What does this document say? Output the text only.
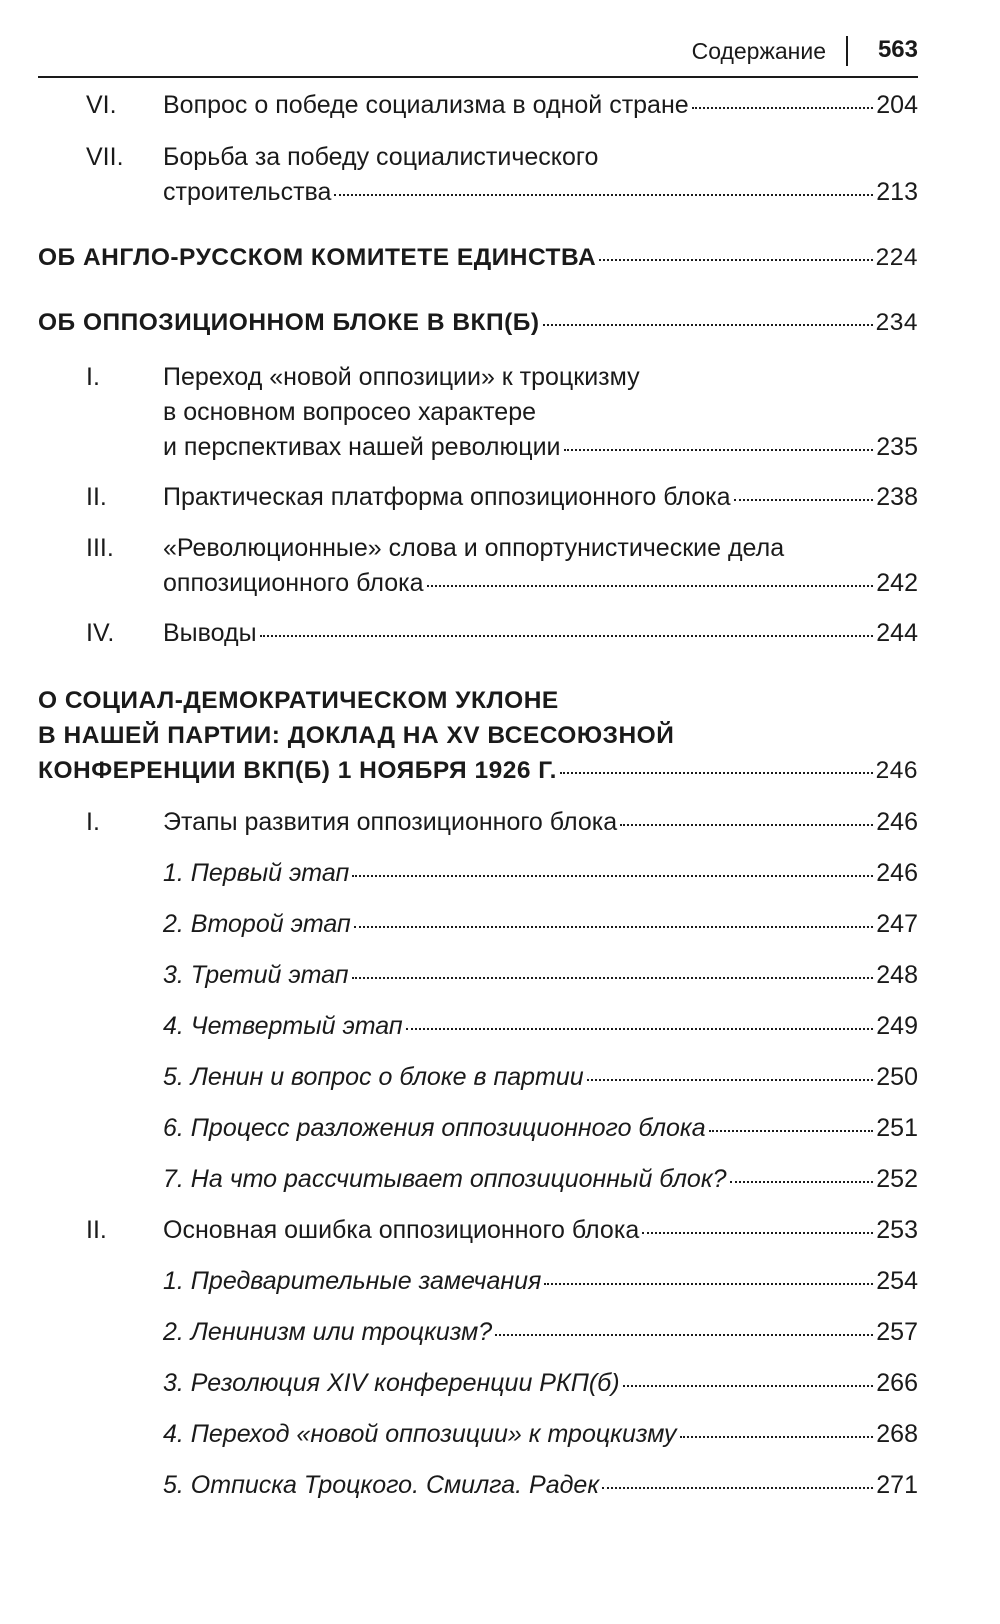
Содержание 563
VI. Вопрос о победе социализма в одной стране	204
VII. Борьба за победу социалистического
строительства	213
ОБ АНГЛО-РУССКОМ КОМИТЕТЕ ЕДИНСТВА	224
ОБ ОППОЗИЦИОННОМ БЛОКЕ В ВКП(Б)	234
I.	Переход «новой оппозиции» к троцкизму
в основном вопросео характере
и перспективах нашей революции	235
II. Практическая платформа оппозиционного блока	238
III. «Революционные» слова и оппортунистические дела
оппозиционного блока	242
IV. Выводы	244
О СОЦИАЛ-ДЕМОКРАТИЧЕСКОМ УКЛОНЕ
В НАШЕЙ ПАРТИИ: ДОКЛАД НА XV ВСЕСОЮЗНОЙ
КОНФЕРЕНЦИИ ВКП(Б) 1 НОЯБРЯ 1926 Г.	246
I.	Этапы развития оппозиционного блока	246
1. Первый этап	246
2. Второй этап	247
3. Третий этап	248
4. Четвертый этап	249
5. Ленин и вопрос о блоке в партии	250
6. Процесс разложения оппозиционного блока	251
7. На что рассчитывает оппозиционный блок?	252
II. Основная ошибка оппозиционного блока	253
1. Предварительные замечания	254
2. Ленинизм или троцкизм?	257
3. Резолюция XIV конференции РКП(б)	266
4. Переход «новой оппозиции» к троцкизму	268
5. Отписка Троцкого. Смилга. Радек	271
